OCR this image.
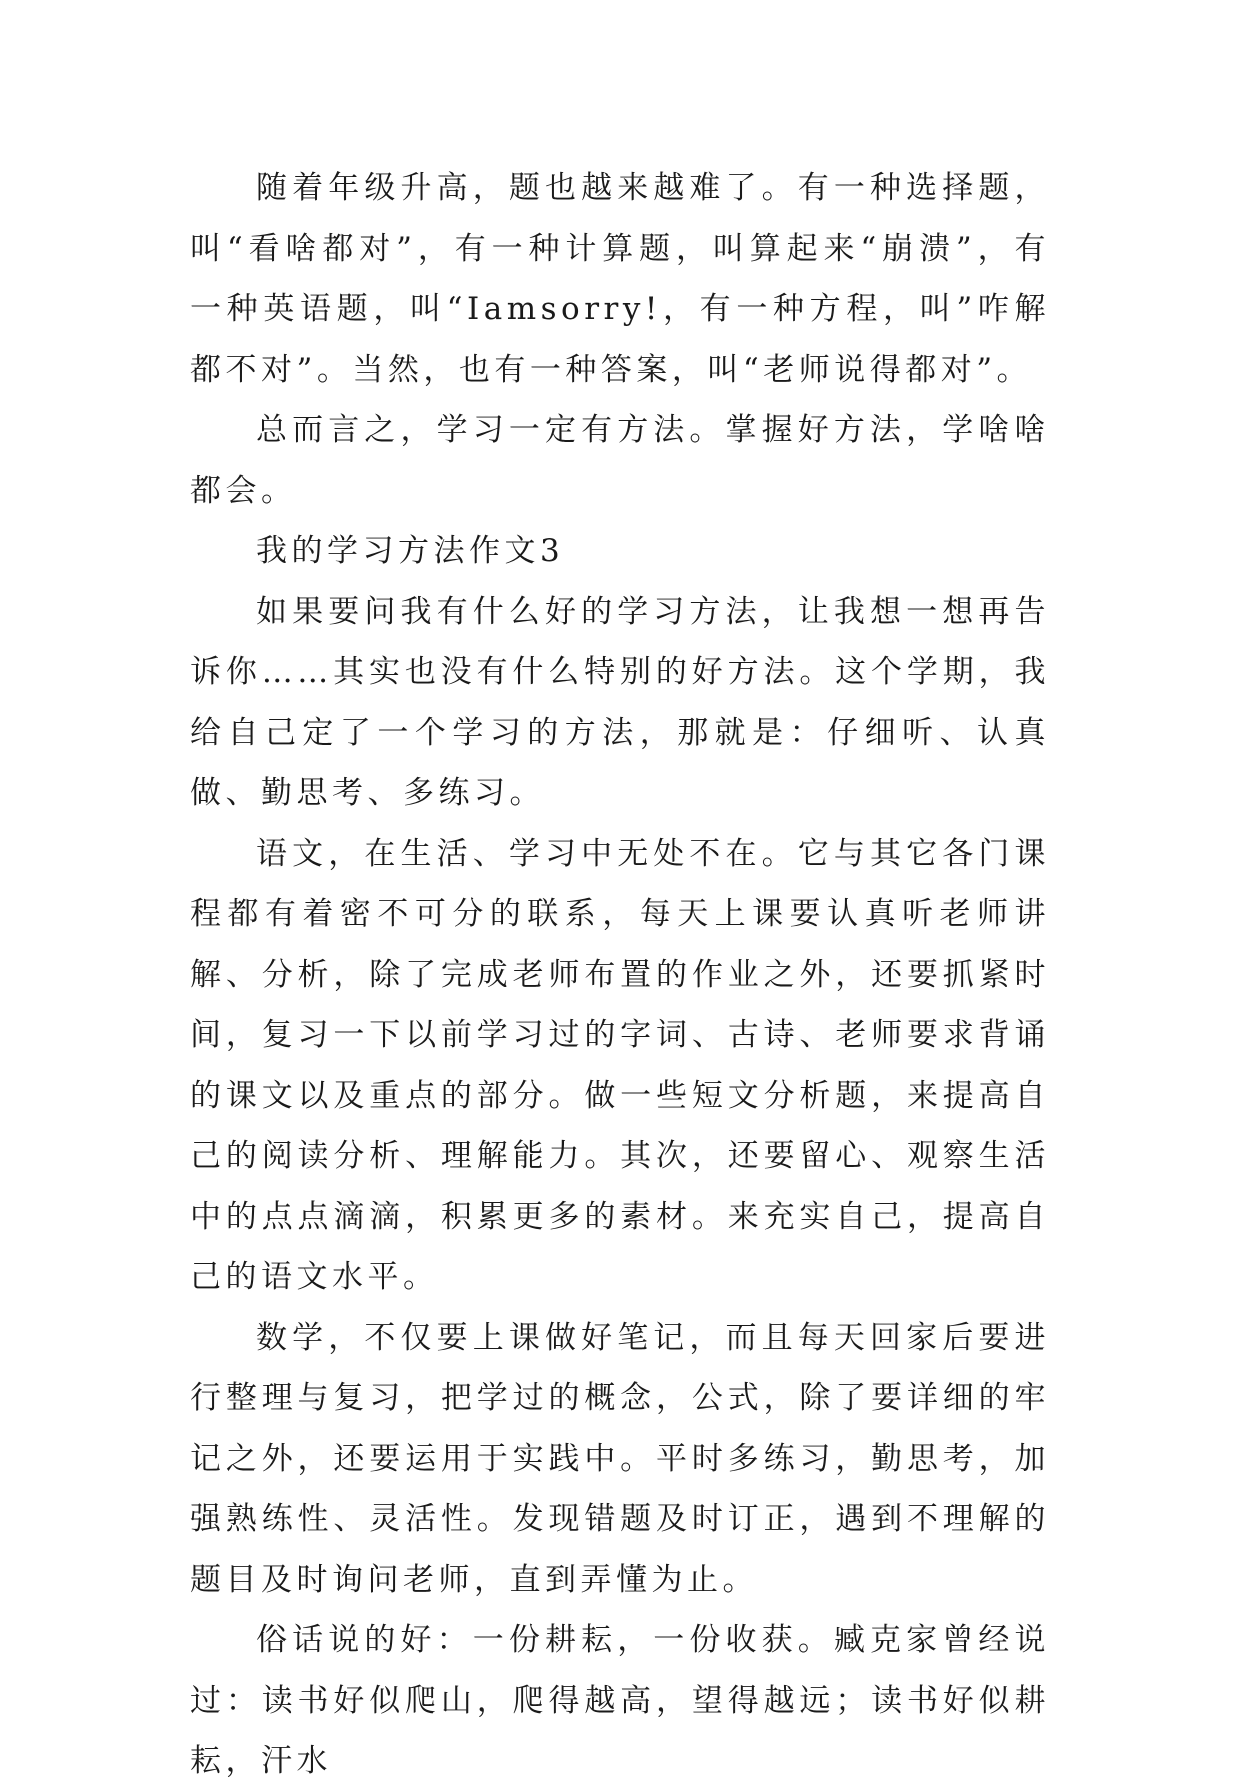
随着年级升高，题也越来越难了。有一种选择题，叫“看啥都对”，有一种计算题，叫算起来“崩溃”，有一种英语题，叫“Iamsorry!，有一种方程，叫”咋解都不对”。当然，也有一种答案，叫“老师说得都对”。

总而言之，学习一定有方法。掌握好方法，学啥啥都会。

我的学习方法作文3

如果要问我有什么好的学习方法，让我想一想再告诉你……其实也没有什么特别的好方法。这个学期，我给自己定了一个学习的方法，那就是：仔细听、认真做、勤思考、多练习。

语文，在生活、学习中无处不在。它与其它各门课程都有着密不可分的联系，每天上课要认真听老师讲解、分析，除了完成老师布置的作业之外，还要抓紧时间，复习一下以前学习过的字词、古诗、老师要求背诵的课文以及重点的部分。做一些短文分析题，来提高自己的阅读分析、理解能力。其次，还要留心、观察生活中的点点滴滴，积累更多的素材。来充实自己，提高自己的语文水平。

数学，不仅要上课做好笔记，而且每天回家后要进行整理与复习，把学过的概念，公式，除了要详细的牢记之外，还要运用于实践中。平时多练习，勤思考，加强熟练性、灵活性。发现错题及时订正，遇到不理解的题目及时询问老师，直到弄懂为止。

俗话说的好：一份耕耘，一份收获。臧克家曾经说过：读书好似爬山，爬得越高，望得越远；读书好似耕耘，汗水
